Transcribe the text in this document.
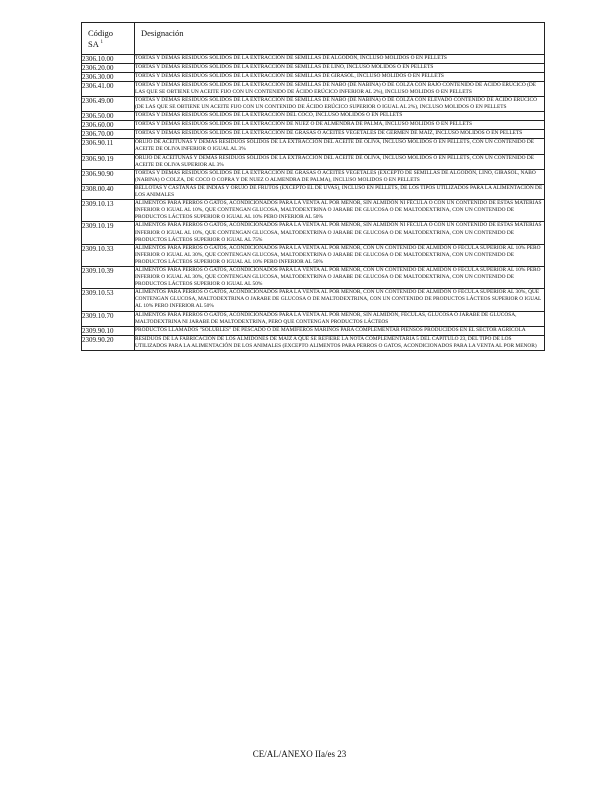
Código
SA $^1$	Designación

2306.10.00	TORTAS Y DEMÁS RESIDUOS SÓLIDOS DE LA EXTRACCIÓN DE SEMILLAS DE ALGODÓN, INCLUSO MOLIDOS O EN PELLETS
2306.20.00	TORTAS Y DEMÁS RESIDUOS SÓLIDOS DE LA EXTRACCIÓN DE SEMILLAS DE LINO, INCLUSO MOLIDOS O EN PELLETS
2306.30.00	TORTAS Y DEMÁS RESIDUOS SÓLIDOS DE LA EXTRACCIÓN DE SEMILLAS DE GIRASOL, INCLUSO MOLIDOS O EN PELLETS
2306.41.00	TORTAS Y DEMÁS RESIDUOS SÓLIDOS DE LA EXTRACCIÓN DE SEMILLAS DE NABO (DE NABINA) O DE COLZA CON BAJO CONTENIDO DE ÁCIDO ERÚCICO (DE LAS QUE SE OBTIENE UN ACEITE FIJO CON UN CONTENIDO DE ÁCIDO ERÚCICO INFERIOR AL 2%), INCLUSO MOLIDOS O EN PELLETS
2306.49.00	TORTAS Y DEMÁS RESIDUOS SÓLIDOS DE LA EXTRACCIÓN DE SEMILLAS DE NABO (DE NABINA) O DE COLZA CON ELEVADO CONTENIDO DE ÁCIDO ERÚCICO (DE LAS QUE SE OBTIENE UN ACEITE FIJO CON UN CONTENIDO DE ÁCIDO ERÚCICO SUPERIOR O IGUAL AL 2%), INCLUSO MOLIDOS O EN PELLETS
2306.50.00	TORTAS Y DEMÁS RESIDUOS SÓLIDOS DE LA EXTRACCIÓN DEL COCO, INCLUSO MOLIDOS O EN PELLETS
2306.60.00	TORTAS Y DEMÁS RESIDUOS SÓLIDOS DE LA EXTRACCIÓN DE NUEZ O DE ALMENDRA DE PALMA, INCLUSO MOLIDOS O EN PELLETS
2306.70.00	TORTAS Y DEMÁS RESIDUOS SÓLIDOS DE LA EXTRACCIÓN DE GRASAS O ACEITES VEGETALES DE GERMEN DE MAÍZ, INCLUSO MOLIDOS O EN PELLETS
2306.90.11	ORUJO DE ACEITUNAS Y DEMÁS RESIDUOS SÓLIDOS DE LA EXTRACCIÓN DEL ACEITE DE OLIVA, INCLUSO MOLIDOS O EN PELLETS, CON UN CONTENIDO DE ACEITE DE OLIVA INFERIOR O IGUAL AL 3%
2306.90.19	ORUJO DE ACEITUNAS Y DEMÁS RESIDUOS SÓLIDOS DE LA EXTRACCIÓN DEL ACEITE DE OLIVA, INCLUSO MOLIDOS O EN PELLETS, CON UN CONTENIDO DE ACEITE DE OLIVA SUPERIOR AL 3%
2306.90.90	TORTAS Y DEMÁS RESIDUOS SÓLIDOS DE LA EXTRACCIÓN DE GRASAS O ACEITES VEGETALES (EXCEPTO DE SEMILLAS DE ALGODÓN, LINO, GIRASOL, NABO (NABINA) O COLZA, DE COCO O COPRA Y DE NUEZ O ALMENDRA DE PALMA), INCLUSO MOLIDOS O EN PELLETS
2308.00.40	BELLOTAS Y CASTAÑAS DE INDIAS Y ORUJO DE FRUTOS (EXCEPTO EL DE UVAS), INCLUSO EN PELLETS, DE LOS TIPOS UTILIZADOS PARA LA ALIMENTACIÓN DE LOS ANIMALES
2309.10.13	ALIMENTOS PARA PERROS O GATOS, ACONDICIONADOS PARA LA VENTA AL POR MENOR, SIN ALMIDÓN NI FÉCULA O CON UN CONTENIDO DE ESTAS MATERIAS INFERIOR O IGUAL AL 10%, QUE CONTENGAN GLUCOSA, MALTODEXTRINA O JARABE DE GLUCOSA O DE MALTODEXTRINA, CON UN CONTENIDO DE PRODUCTOS LÁCTEOS SUPERIOR O IGUAL AL 10% PERO INFERIOR AL 50%
2309.10.19	ALIMENTOS PARA PERROS O GATOS, ACONDICIONADOS PARA LA VENTA AL POR MENOR, SIN ALMIDÓN NI FÉCULA O CON UN CONTENIDO DE ESTAS MATERIAS INFERIOR O IGUAL AL 10%, QUE CONTENGAN GLUCOSA, MALTODEXTRINA O JARABE DE GLUCOSA O DE MALTODEXTRINA, CON UN CONTENIDO DE PRODUCTOS LÁCTEOS SUPERIOR O IGUAL AL 75%
2309.10.33	ALIMENTOS PARA PERROS O GATOS, ACONDICIONADOS PARA LA VENTA AL POR MENOR, CON UN CONTENIDO DE ALMIDÓN O FÉCULA SUPERIOR AL 10% PERO INFERIOR O IGUAL AL 30%, QUE CONTENGAN GLUCOSA, MALTODEXTRINA O JARABE DE GLUCOSA O DE MALTODEXTRINA, CON UN CONTENIDO DE PRODUCTOS LÁCTEOS SUPERIOR O IGUAL AL 10% PERO INFERIOR AL 50%
2309.10.39	ALIMENTOS PARA PERROS O GATOS, ACONDICIONADOS PARA LA VENTA AL POR MENOR, CON UN CONTENIDO DE ALMIDÓN O FÉCULA SUPERIOR AL 10% PERO INFERIOR O IGUAL AL 30%, QUE CONTENGAN GLUCOSA, MALTODEXTRINA O JARABE DE GLUCOSA O DE MALTODEXTRINA, CON UN CONTENIDO DE PRODUCTOS LÁCTEOS SUPERIOR O IGUAL AL 50%
2309.10.53	ALIMENTOS PARA PERROS O GATOS, ACONDICIONADOS PARA LA VENTA AL POR MENOR, CON UN CONTENIDO DE ALMIDÓN O FÉCULA SUPERIOR AL 30%, QUE CONTENGAN GLUCOSA, MALTODEXTRINA O JARABE DE GLUCOSA O DE MALTODEXTRINA, CON UN CONTENIDO DE PRODUCTOS LÁCTEOS SUPERIOR O IGUAL AL 10% PERO INFERIOR AL 50%
2309.10.70	ALIMENTOS PARA PERROS O GATOS, ACONDICIONADOS PARA LA VENTA AL POR MENOR, SIN ALMIDÓN, FÉCULAS, GLUCOSA O JARABE DE GLUCOSA, MALTODEXTRINA NI JARABE DE MALTODEXTRINA, PERO QUE CONTENGAN PRODUCTOS LÁCTEOS
2309.90.10	PRODUCTOS LLAMADOS "SOLUBLES" DE PESCADO O DE MAMÍFEROS MARINOS PARA COMPLEMENTAR PIENSOS PRODUCIDOS EN EL SECTOR AGRÍCOLA
2309.90.20	RESIDUOS DE LA FABRICACIÓN DE LOS ALMIDONES DE MAÍZ A QUE SE REFIERE LA NOTA COMPLEMENTARIA 5 DEL CAPÍTULO 23, DEL TIPO DE LOS UTILIZADOS PARA LA ALIMENTACIÓN DE LOS ANIMALES (EXCEPTO ALIMENTOS PARA PERROS O GATOS, ACONDICIONADOS PARA LA VENTA AL POR MENOR)
CE/AL/ANEXO IIa/es 23
